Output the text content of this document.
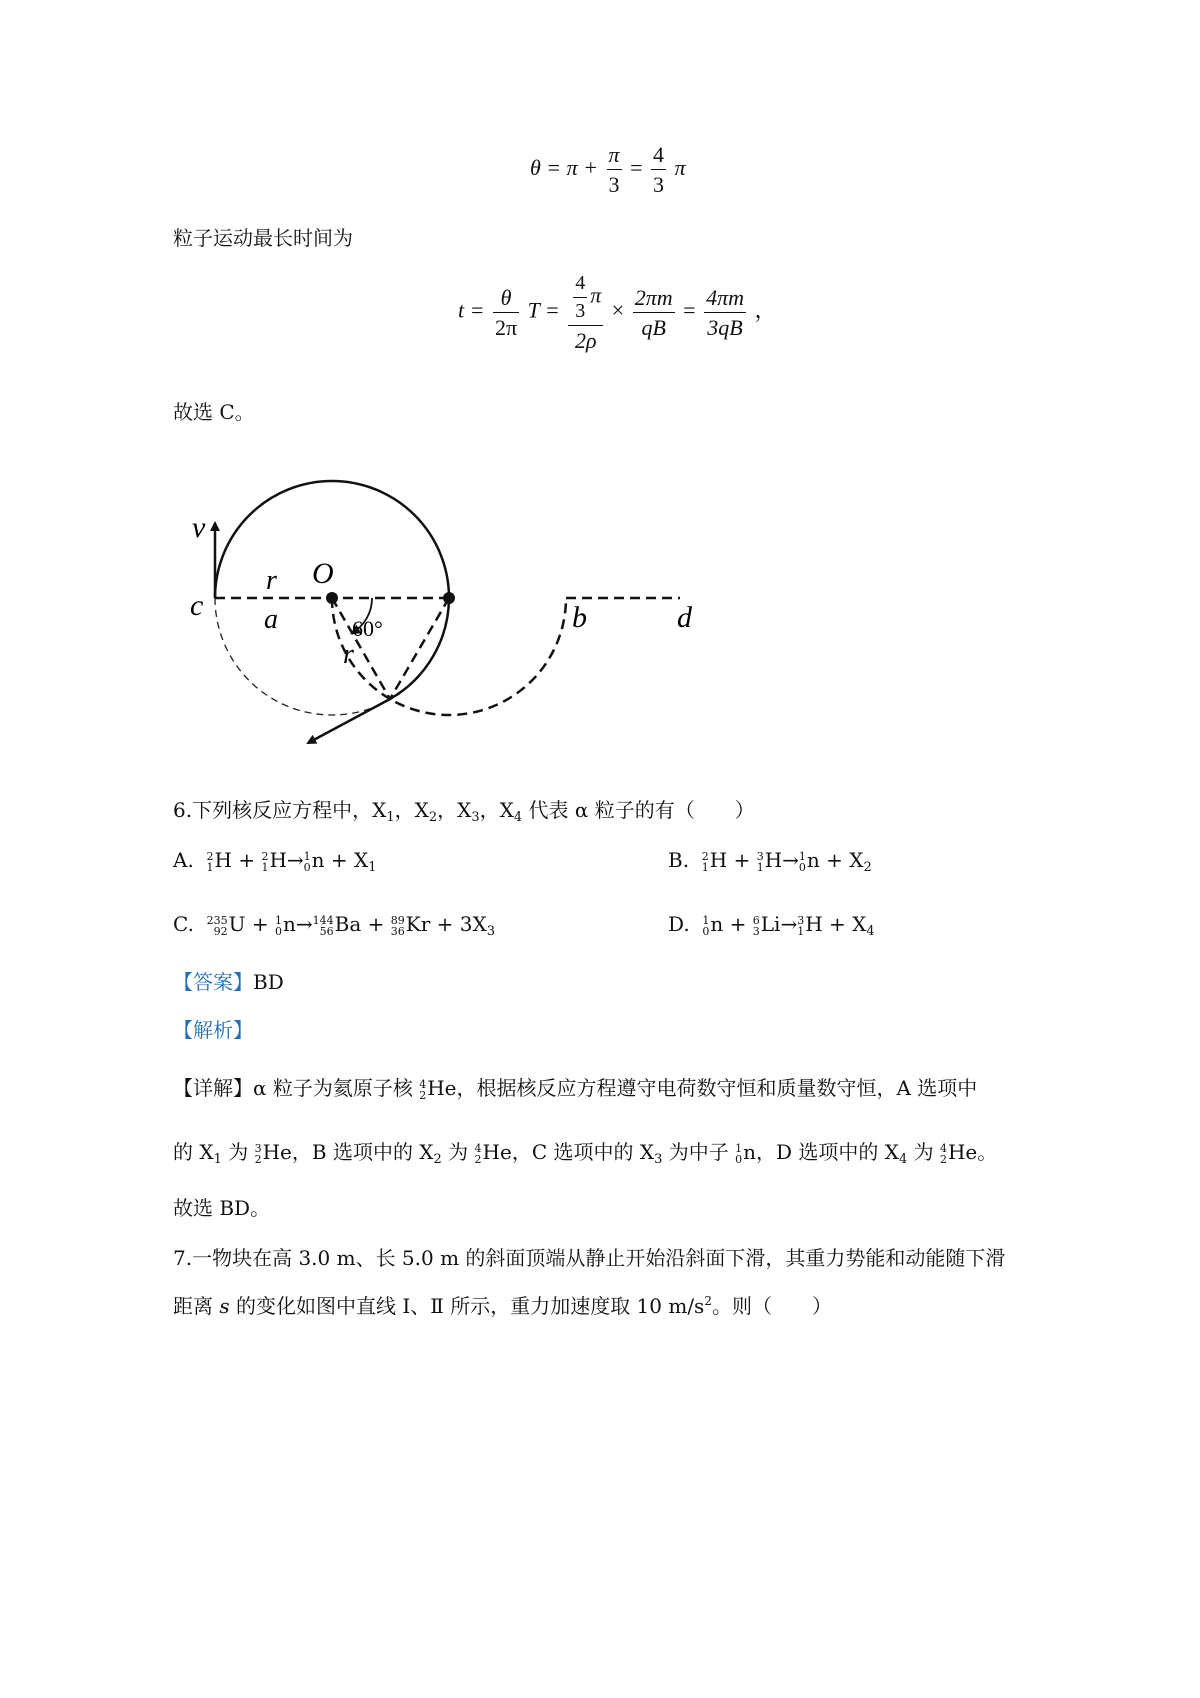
$\theta = \pi + \frac{\pi}{3} = \frac{4}{3}$ π
粒子运动最长时间为
$t = \frac{\theta}{2\pi}$ $T = \frac{\frac{4}{3} \pi}{2\rho} \times \frac{2\pi m}{qB} = \frac{4\pi m}{3qB}$ ，
故选 C。
v
r O
c a	60°
r
b	d
6.下列核反应方程中，$X_1$，$X_2$，$X_3$，$X_4$ 代表 α 粒子的有（　　）
A. 2
1 H + 2
1 H→ 1
0 $n + X_1$	B. 2
1 H + 3
1 H→ 1
0 $n + X_2$
C. 235
92 U + 1
0 n→ 144
56 Ba + 89
36 $Kr + 3X_3$	D. 1
0 n + 6
3 Li→ 3
1 $H + X_4$
【答案】BD
【解析】
【详解】α 粒子为氦原子核 4
2 He，根据核反应方程遵守电荷数守恒和质量数守恒，A 选项中
的 $X_1$ 为 3
2 He，B 选项中的 $X_2$ 为 4
2 He，C 选项中的 $X_3$ 为中子 1
0 n，D 选项中的 $X_4$ 为 4
2 He。
故选 BD。
7.一物块在高 3.0 m、长 5.0 m 的斜面顶端从静止开始沿斜面下滑，其重力势能和动能随下滑
距离 s 的变化如图中直线 Ⅰ、Ⅱ 所示，重力加速度取 10 $m/s^2$。则（　　）
